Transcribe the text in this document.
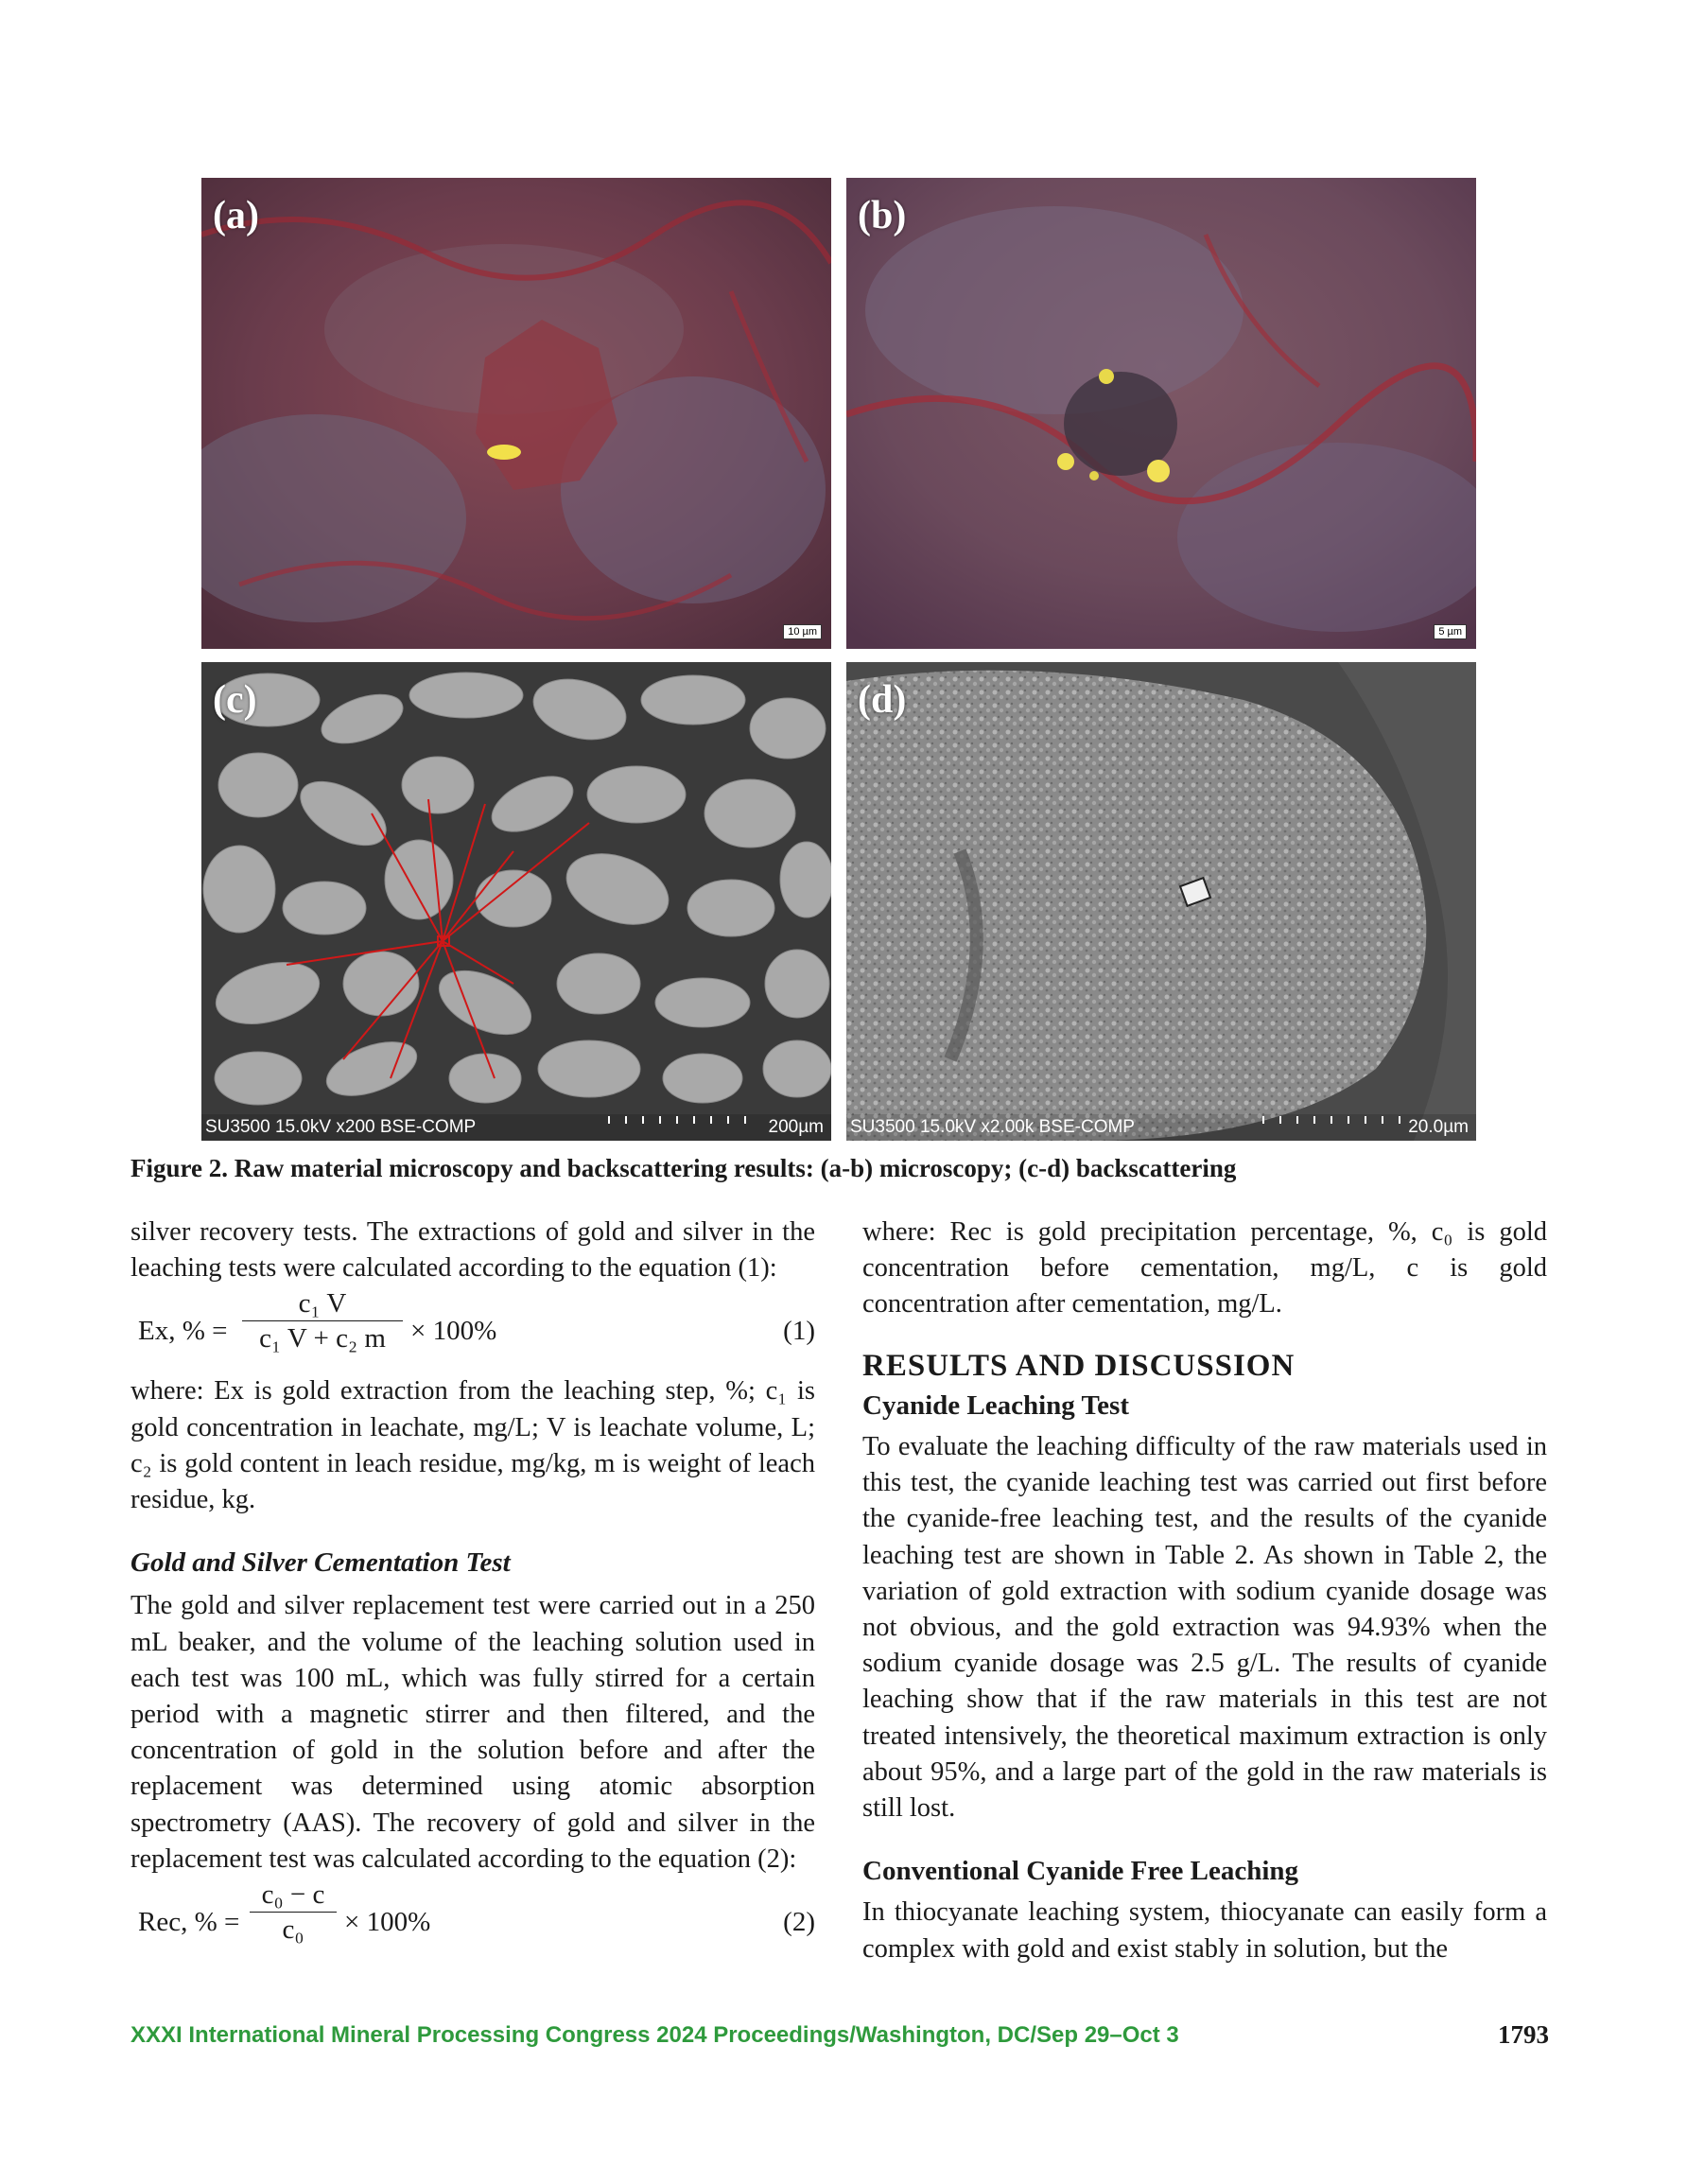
(a)
10 µm
(b)
5 µm
(c)
SU3500 15.0kV x200 BSE-COMP	200µm
(d)
SU3500 15.0kV x2.00k BSE-COMP	20.0µm
Figure 2. Raw material microscopy and backscattering results: (a-b) microscopy; (c-d) backscattering

silver recovery tests. The extractions of gold and silver in the leaching tests were calculated according to the equation (1):

Ex, % =
c₁ V
c₁ V + c₂ m × 100%	(1)

where: Ex is gold extraction from the leaching step, %; c₁ is gold concentration in leachate, mg/L; V is leachate volume, L; c₂ is gold content in leach residue, mg/kg, m is weight of leach residue, kg.

Gold and Silver Cementation Test

The gold and silver replacement test were carried out in a 250 mL beaker, and the volume of the leaching solution used in each test was 100 mL, which was fully stirred for a certain period with a magnetic stirrer and then filtered, and the concentration of gold in the solution before and after the replacement was determined using atomic absorption spectrometry (AAS). The recovery of gold and silver in the replacement test was calculated according to the equation (2):

Rec, % =
c₀ − c
c₀	× 100%	(2)

where: Rec is gold precipitation percentage, %, c₀ is gold concentration before cementation, mg/L, c is gold concentration after cementation, mg/L.

RESULTS AND DISCUSSION

Cyanide Leaching Test

To evaluate the leaching difficulty of the raw materials used in this test, the cyanide leaching test was carried out first before the cyanide-free leaching test, and the results of the cyanide leaching test are shown in Table 2. As shown in Table 2, the variation of gold extraction with sodium cyanide dosage was not obvious, and the gold extraction was 94.93% when the sodium cyanide dosage was 2.5 g/L. The results of cyanide leaching show that if the raw materials in this test are not treated intensively, the theoretical maximum extraction is only about 95%, and a large part of the gold in the raw materials is still lost.

Conventional Cyanide Free Leaching

In thiocyanate leaching system, thiocyanate can easily form a complex with gold and exist stably in solution, but the

XXXI International Mineral Processing Congress 2024 Proceedings/Washington, DC/Sep 29–Oct 3	1793
